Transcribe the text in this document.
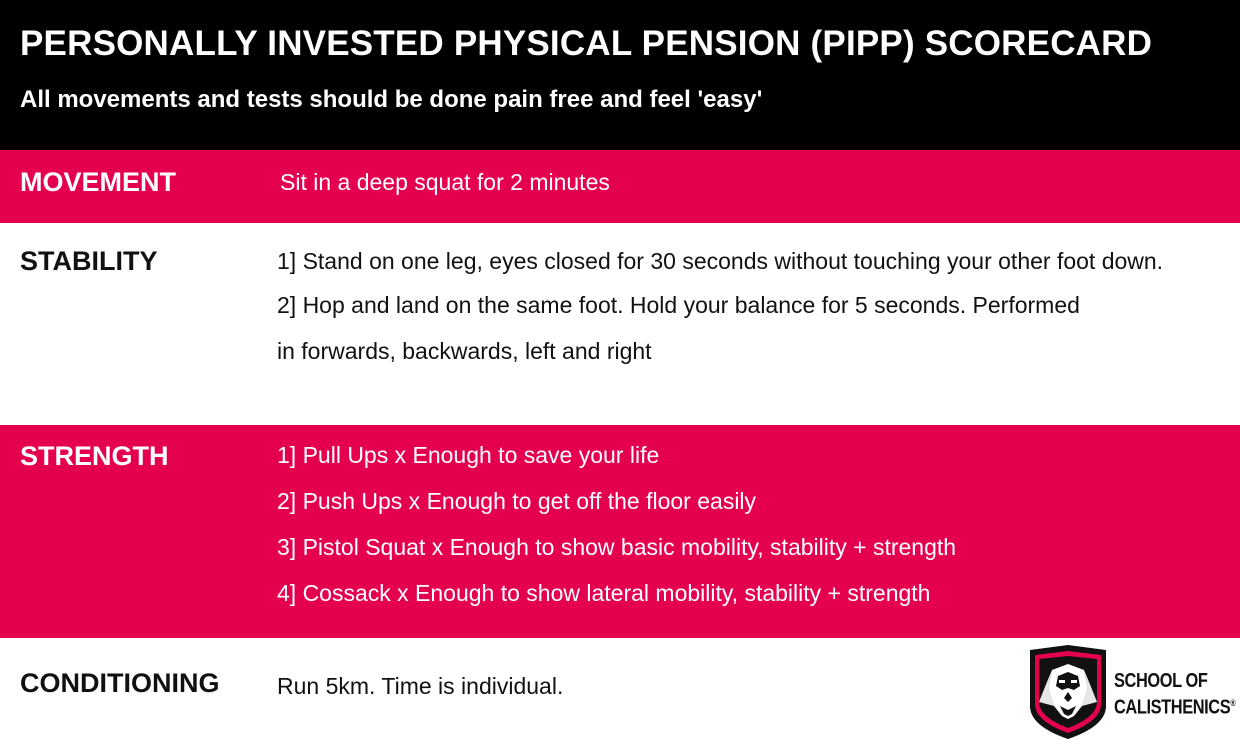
PERSONALLY INVESTED PHYSICAL PENSION (PIPP) SCORECARD
All movements and tests should be done pain free and feel 'easy'
MOVEMENT	Sit in a deep squat for 2 minutes
STABILITY	1] Stand on one leg, eyes closed for 30 seconds without touching your other foot down.
2] Hop and land on the same foot. Hold your balance for 5 seconds. Performed
in forwards, backwards, left and right
STRENGTH	1] Pull Ups x Enough to save your life
2] Push Ups x Enough to get off the floor easily
3] Pistol Squat x Enough to show basic mobility, stability + strength
4] Cossack x Enough to show lateral mobility, stability + strength
CONDITIONING	Run 5km. Time is individual.	SCHOOL OF
CALISTHENICS®
